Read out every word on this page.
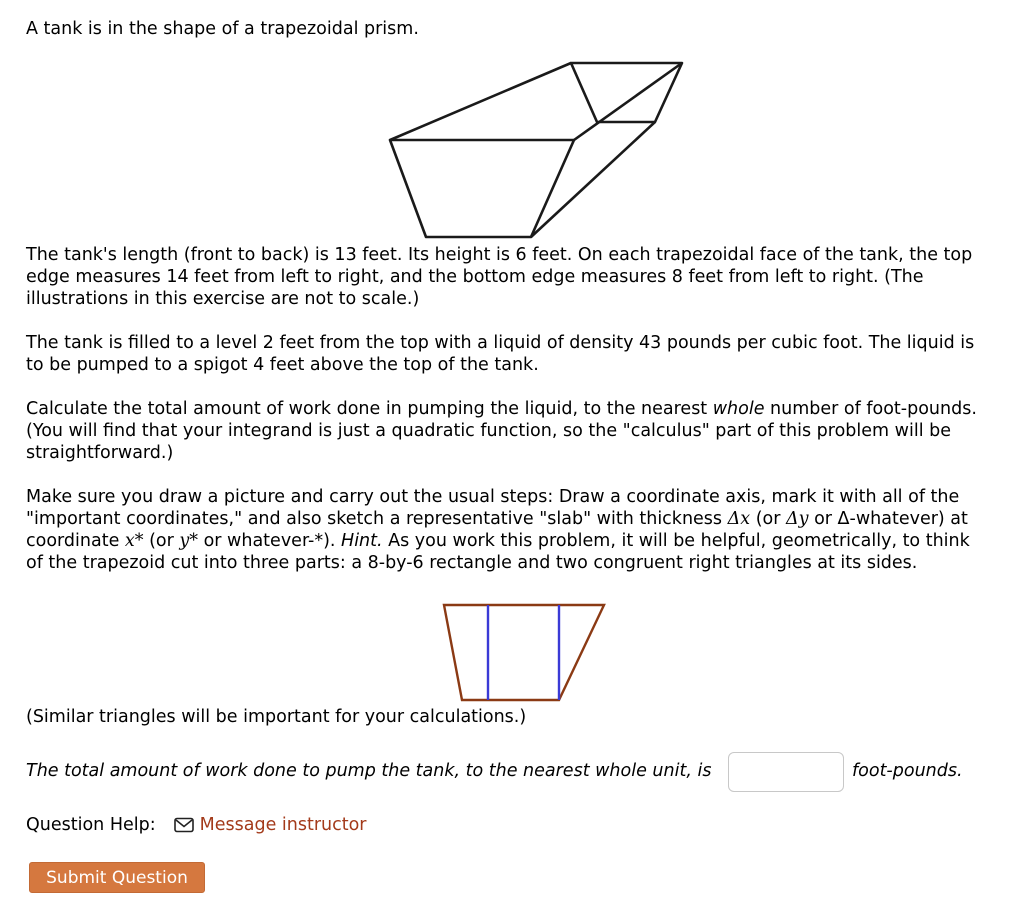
A tank is in the shape of a trapezoidal prism.

The tank's length (front to back) is 13 feet. Its height is 6 feet. On each trapezoidal face of the tank, the top edge measures 14 feet from left to right, and the bottom edge measures 8 feet from left to right. (The illustrations in this exercise are not to scale.)

The tank is filled to a level 2 feet from the top with a liquid of density 43 pounds per cubic foot. The liquid is to be pumped to a spigot 4 feet above the top of the tank.

Calculate the total amount of work done in pumping the liquid, to the nearest whole number of foot-pounds. (You will find that your integrand is just a quadratic function, so the "calculus" part of this problem will be straightforward.)

Make sure you draw a picture and carry out the usual steps: Draw a coordinate axis, mark it with all of the "important coordinates," and also sketch a representative "slab" with thickness Δx (or Δy or Δ-whatever) at coordinate x* (or y* or whatever-*). Hint. As you work this problem, it will be helpful, geometrically, to think of the trapezoid cut into three parts: a 8-by-6 rectangle and two congruent right triangles at its sides.

(Similar triangles will be important for your calculations.)

The total amount of work done to pump the tank, to the nearest whole unit, is	foot-pounds.
Question Help:	Message instructor
Submit Question
